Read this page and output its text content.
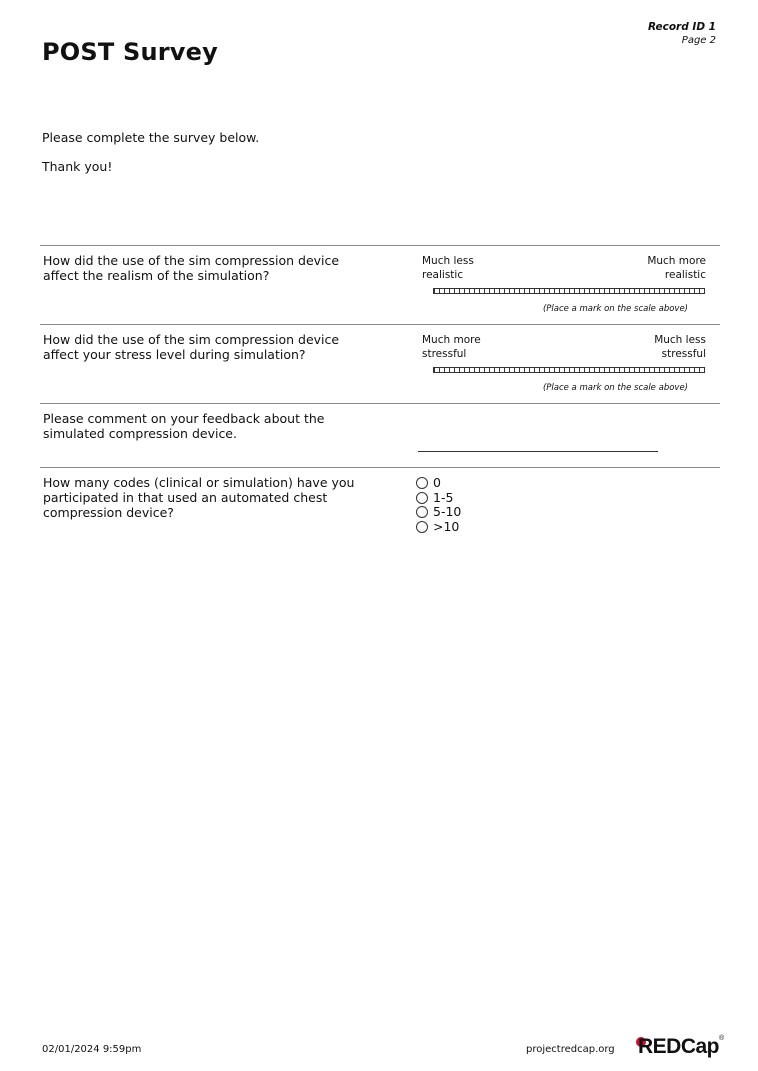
Record ID 1
Page 2
POST Survey

Please complete the survey below.

Thank you!

How did the use of the sim compression device affect the realism of the simulation?
Much less realistic
Much more realistic
(Place a mark on the scale above)
How did the use of the sim compression device affect your stress level during simulation?
Much more stressful
Much less stressful
(Place a mark on the scale above)
Please comment on your feedback about the simulated compression device.
How many codes (clinical or simulation) have you participated in that used an automated chest compression device?
0
1-5
5-10
>10
02/01/2024 9:59pm	projectredcap.org REDCap®
